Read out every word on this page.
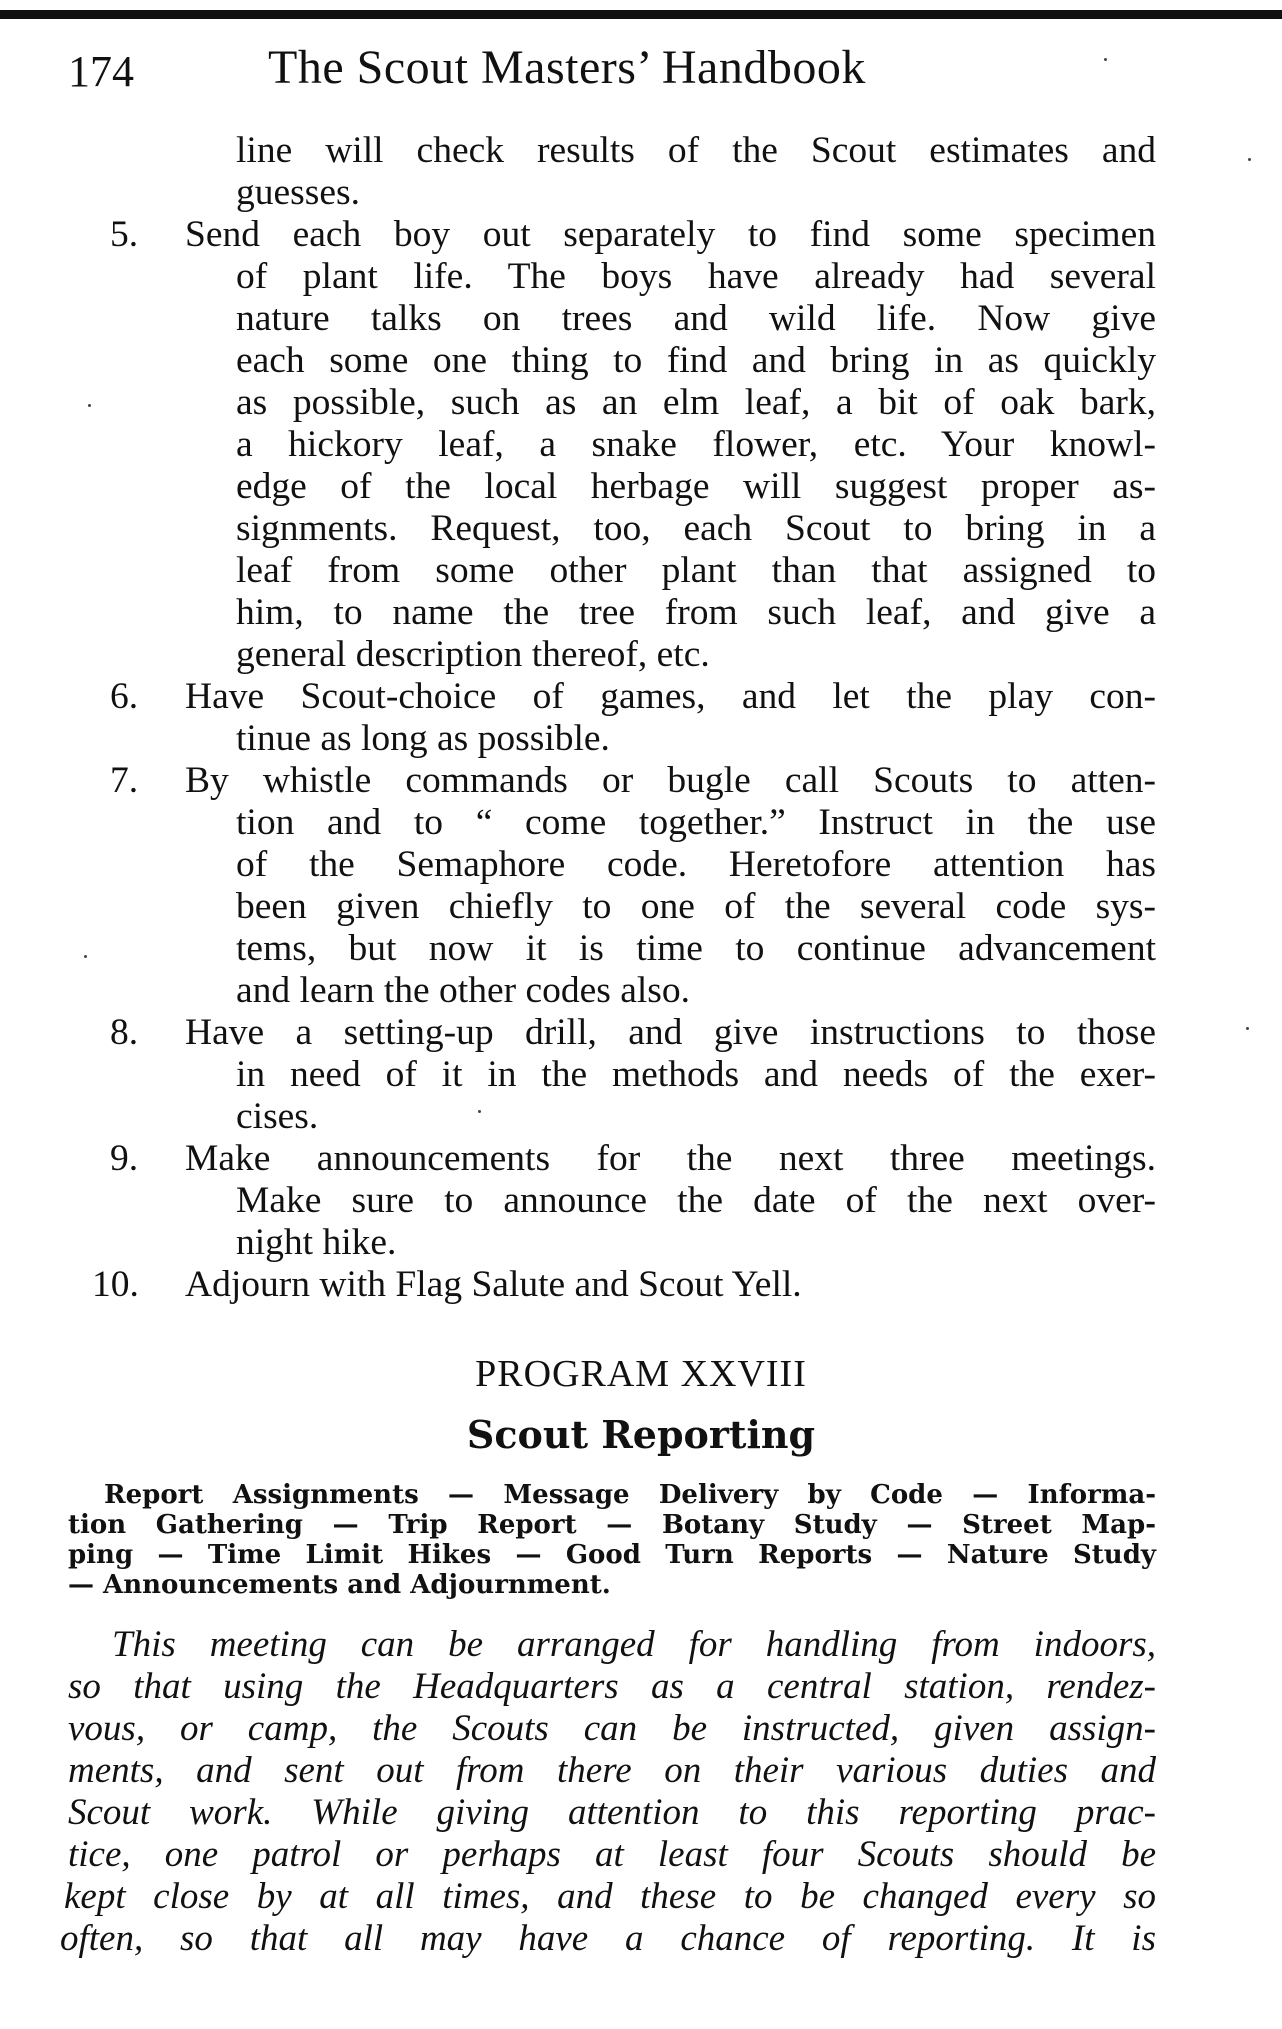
174	The Scout Masters’ Handbook
line will check results of the Scout estimates and
guesses.
5. Send each boy out separately to find some specimen
of plant life. The boys have already had several
nature talks on trees and wild life. Now give
each some one thing to find and bring in as quickly
as possible, such as an elm leaf, a bit of oak bark,
a hickory leaf, a snake flower, etc. Your knowl-
edge of the local herbage will suggest proper as-
signments. Request, too, each Scout to bring in a
leaf from some other plant than that assigned to
him, to name the tree from such leaf, and give a
general description thereof, etc.
6. Have Scout-choice of games, and let the play con-
tinue as long as possible.
7. By whistle commands or bugle call Scouts to atten-
tion and to “ come together.” Instruct in the use
of the Semaphore code. Heretofore attention has
been given chiefly to one of the several code sys-
tems, but now it is time to continue advancement
and learn the other codes also.
8. Have a setting-up drill, and give instructions to those
in need of it in the methods and needs of the exer-
cises.
9. Make announcements for the next three meetings.
Make sure to announce the date of the next over-
night hike.
10. Adjourn with Flag Salute and Scout Yell.
PROGRAM XXVIII
Scout Reporting
Report Assignments — Message Delivery by Code — Informa-
tion Gathering — Trip Report — Botany Study — Street Map-
ping — Time Limit Hikes — Good Turn Reports — Nature Study
— Announcements and Adjournment.
This meeting can be arranged for handling from indoors,
so that using the Headquarters as a central station, rendez-
vous, or camp, the Scouts can be instructed, given assign-
ments, and sent out from there on their various duties and
Scout work. While giving attention to this reporting prac-
tice, one patrol or perhaps at least four Scouts should be
kept close by at all times, and these to be changed every so
often, so that all may have a chance of reporting. It is
